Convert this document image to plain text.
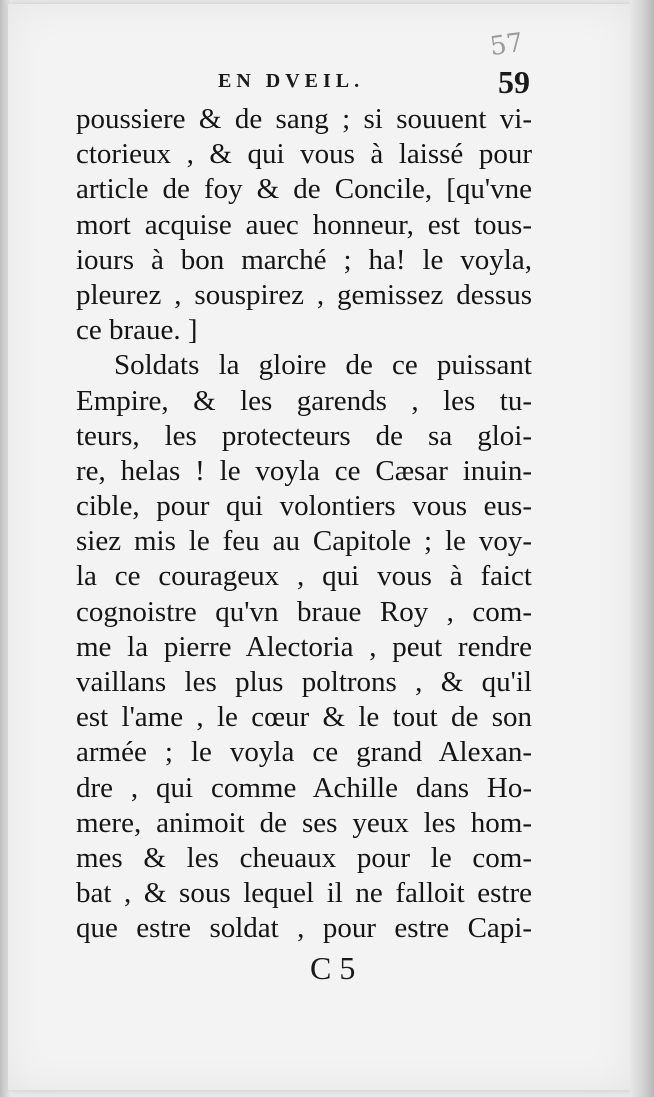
57
EN DVEIL.	59
poussiere & de sang ; si souuent vi-
ctorieux , & qui vous à laissé pour
article de foy & de Concile, [qu'vne
mort acquise auec honneur, est tous-
iours à bon marché ; ha! le voyla,
pleurez , souspirez , gemissez dessus
ce braue. ]
Soldats la gloire de ce puissant
Empire, & les garends , les tu-
teurs, les protecteurs de sa gloi-
re, helas ! le voyla ce Cæsar inuin-
cible, pour qui volontiers vous eus-
siez mis le feu au Capitole ; le voy-
la ce courageux , qui vous à faict
cognoistre qu'vn braue Roy , com-
me la pierre Alectoria , peut rendre
vaillans les plus poltrons , & qu'il
est l'ame , le cœur & le tout de son
armée ; le voyla ce grand Alexan-
dre , qui comme Achille dans Ho-
mere, animoit de ses yeux les hom-
mes & les cheuaux pour le com-
bat , & sous lequel il ne falloit estre
que estre soldat , pour estre Capi-
C 5
